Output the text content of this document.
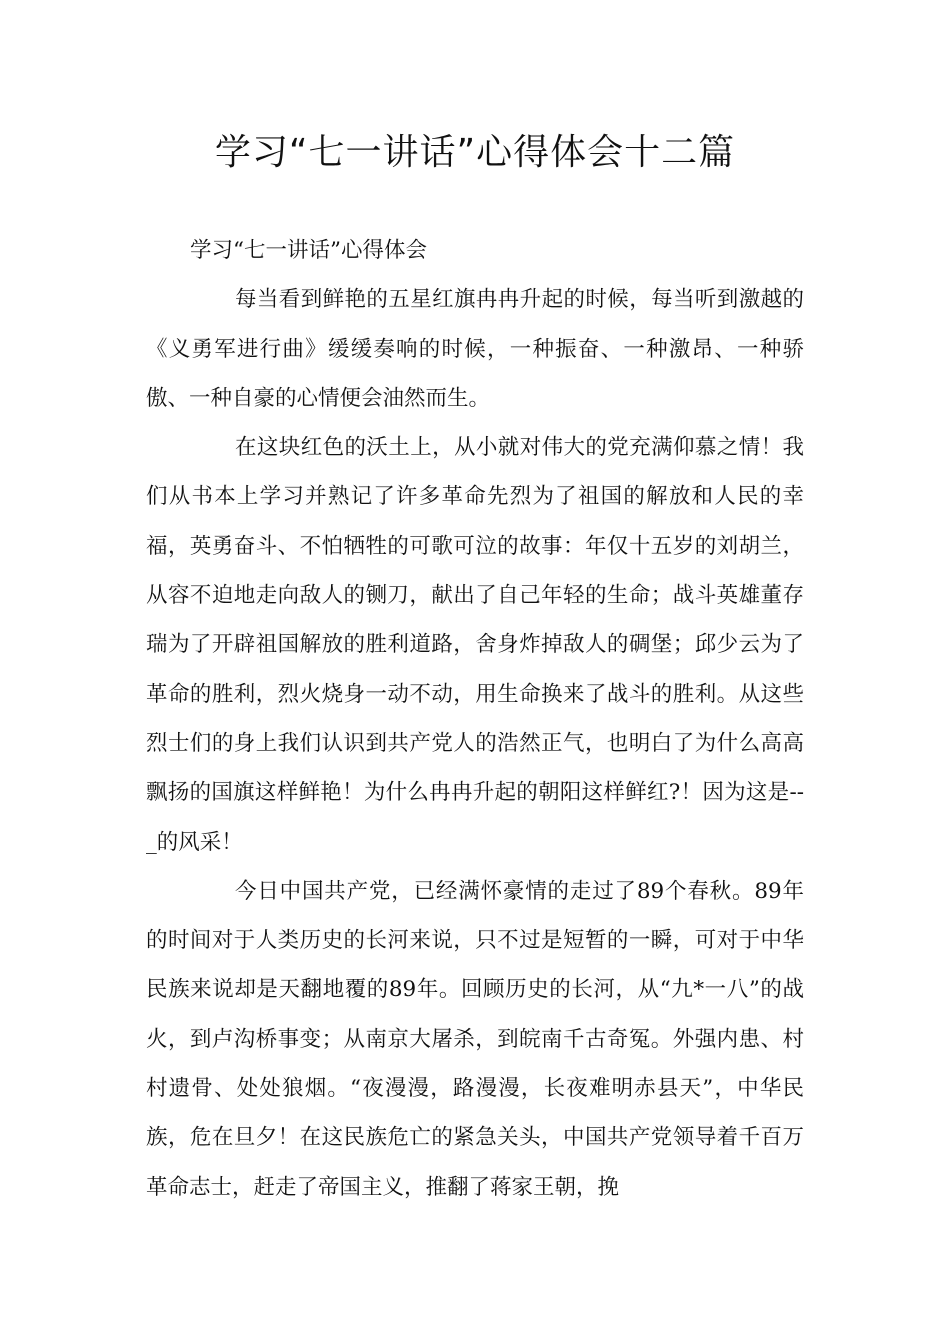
学习“七一讲话”心得体会十二篇

学习“七一讲话”心得体会

每当看到鲜艳的五星红旗冉冉升起的时候，每当听到激越的《义勇军进行曲》缓缓奏响的时候，一种振奋、一种激昂、一种骄傲、一种自豪的心情便会油然而生。

在这块红色的沃土上，从小就对伟大的党充满仰慕之情！我们从书本上学习并熟记了许多革命先烈为了祖国的解放和人民的幸福，英勇奋斗、不怕牺牲的可歌可泣的故事：年仅十五岁的刘胡兰，从容不迫地走向敌人的铡刀，献出了自己年轻的生命；战斗英雄董存瑞为了开辟祖国解放的胜利道路，舍身炸掉敌人的碉堡；邱少云为了革命的胜利，烈火烧身一动不动，用生命换来了战斗的胜利。从这些烈士们的身上我们认识到共产党人的浩然正气，也明白了为什么高高飘扬的国旗这样鲜艳！为什么冉冉升起的朝阳这样鲜红?！因为这是--_的风采！

今日中国共产党，已经满怀豪情的走过了89个春秋。89年的时间对于人类历史的长河来说，只不过是短暂的一瞬，可对于中华民族来说却是天翻地覆的89年。回顾历史的长河，从“九*一八”的战火，到卢沟桥事变；从南京大屠杀，到皖南千古奇冤。外强内患、村村遗骨、处处狼烟。“夜漫漫，路漫漫，长夜难明赤县天”，中华民族，危在旦夕！在这民族危亡的紧急关头，中国共产党领导着千百万革命志士，赶走了帝国主义，推翻了蒋家王朝，挽
